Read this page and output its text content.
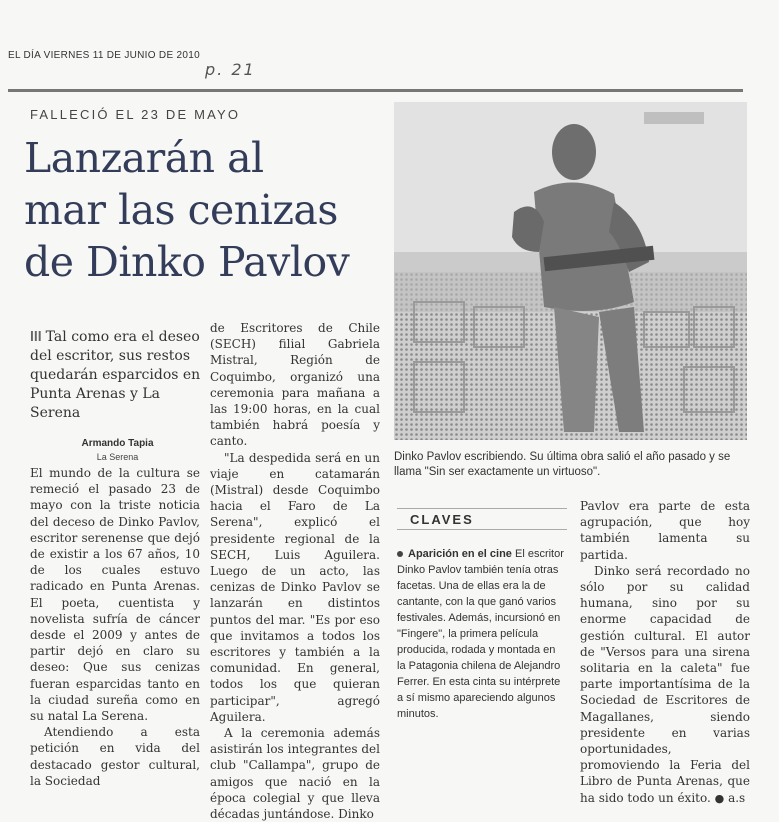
EL DÍA VIERNES 11 DE JUNIO DE 2010
p. 21
FALLECIÓ EL 23 DE MAYO
Lanzarán al
mar las cenizas
de Dinko Pavlov
Dinko Pavlov escribiendo. Su última obra salió el año pasado y se llama "Sin ser exactamente un virtuoso".
lll Tal como era el deseo del escritor, sus restos quedarán esparcidos en Punta Arenas y La Serena
Armando Tapia
La Serena

El mundo de la cultura se remeció el pasado 23 de mayo con la triste noticia del deceso de Dinko Pavlov, escritor serenense que dejó de existir a los 67 años, 10 de los cuales estuvo radicado en Punta Arenas. El poeta, cuentista y novelista sufría de cáncer desde el 2009 y antes de partir dejó en claro su deseo: Que sus cenizas fueran esparcidas tanto en la ciudad sureña como en su natal La Serena.

Atendiendo a esta petición en vida del destacado gestor cultural, la Sociedad

de Escritores de Chile (SECH) filial Gabriela Mistral, Región de Coquimbo, organizó una ceremonia para mañana a las 19:00 horas, en la cual también habrá poesía y canto.

"La despedida será en un viaje en catamarán (Mistral) desde Coquimbo hacia el Faro de La Serena", explicó el presidente regional de la SECH, Luis Aguilera. Luego de un acto, las cenizas de Dinko Pavlov se lanzarán en distintos puntos del mar. "Es por eso que invitamos a todos los escritores y también a la comunidad. En general, todos los que quieran participar", agregó Aguilera.

A la ceremonia además asistirán los integrantes del club "Callampa", grupo de amigos que nació en la época colegial y que lleva décadas juntándose. Dinko

CLAVES
Aparición en el cine El escritor Dinko Pavlov también tenía otras facetas. Una de ellas era la de cantante, con la que ganó varios festivales. Además, incursionó en "Fingere", la primera película producida, rodada y montada en la Patagonia chilena de Alejandro Ferrer. En esta cinta su intérprete a sí mismo apareciendo algunos minutos.

Pavlov era parte de esta agrupación, que hoy también lamenta su partida.

Dinko será recordado no sólo por su calidad humana, sino por su enorme capacidad de gestión cultural. El autor de "Versos para una sirena solitaria en la caleta" fue parte importantísima de la Sociedad de Escritores de Magallanes, siendo presidente en varias oportunidades, promoviendo la Feria del Libro de Punta Arenas, que ha sido todo un éxito. ● a.s
